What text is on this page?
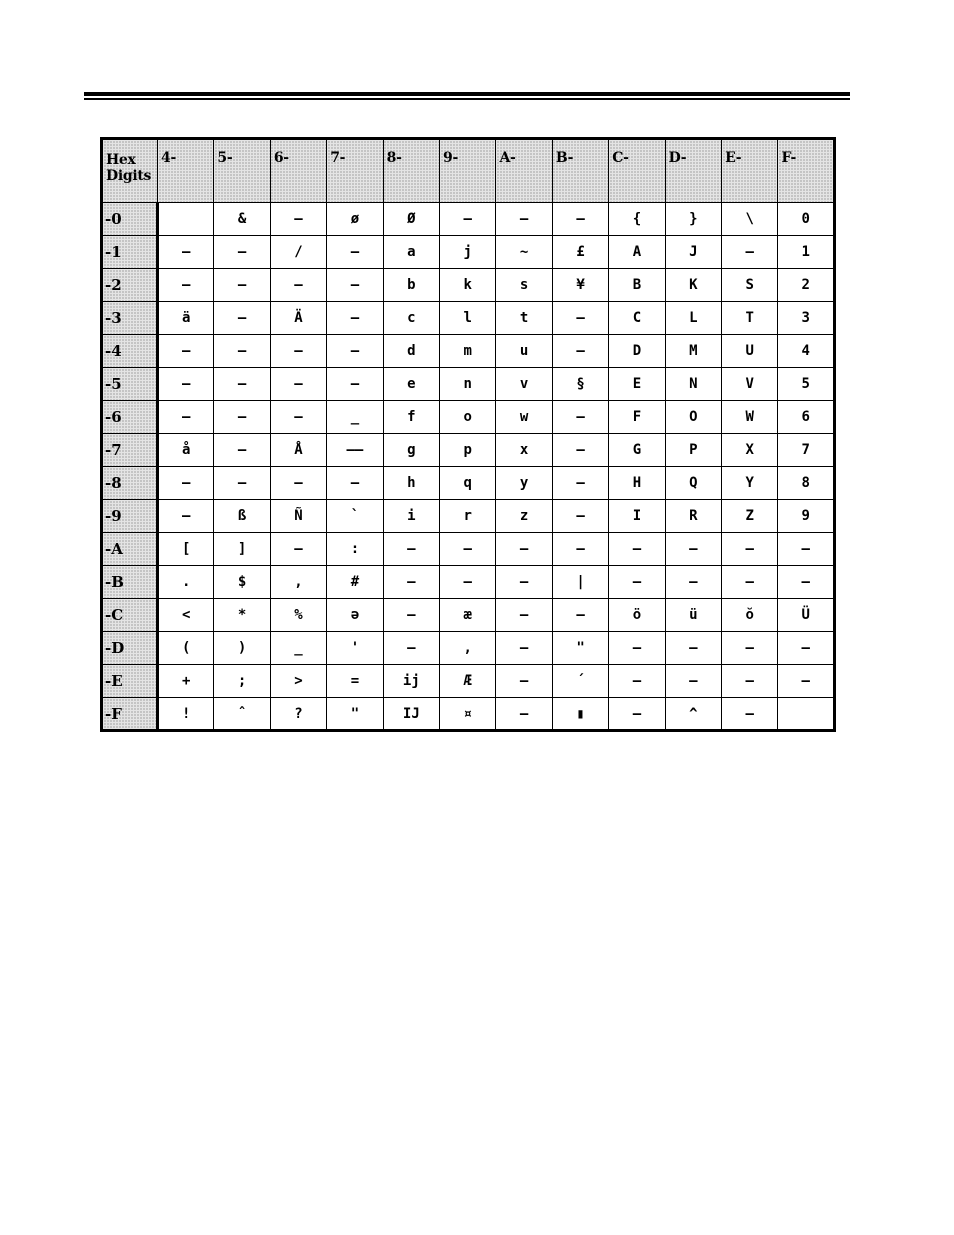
Hex
Digits	4-	5-	6-	7-	8-	9-	A-	B-	C-	D-	E-	F-
-0		&	–	ø	Ø	–	–	–	{	}	\	0
-1	–	–	/	–	a	j	~	£	A	J	–	1
-2	–	–	–	–	b	k	s	¥	B	K	S	2
-3	ä	–	Ä	–	c	l	t	–	C	L	T	3
-4	–	–	–	–	d	m	u	–	D	M	U	4
-5	–	–	–	–	e	n	v	§	E	N	V	5
-6	–	–	–	_	f	o	w	–	F	O	W	6
-7	å	–	Å	——	g	p	x	–	G	P	X	7
-8	–	–	–	–	h	q	y	–	H	Q	Y	8
-9	–	ß	Ñ	`	i	r	z	–	I	R	Z	9
-A	[	]	–	:	–	–	–	–	–	–	–	–
-B	.	$	,	#	–	–	–	|	–	–	–	–
-C	<	*	%	ə	–	æ	–	–	ö	ü	ŏ	Ü
-D	(	)	_	'	–	,	–	"	–	–	–	–
-E	+	;	>	=	ij	Æ	–	´	–	–	–	–
-F	!	ˆ	?	"	IJ	¤	–	▮	–	^	–	
